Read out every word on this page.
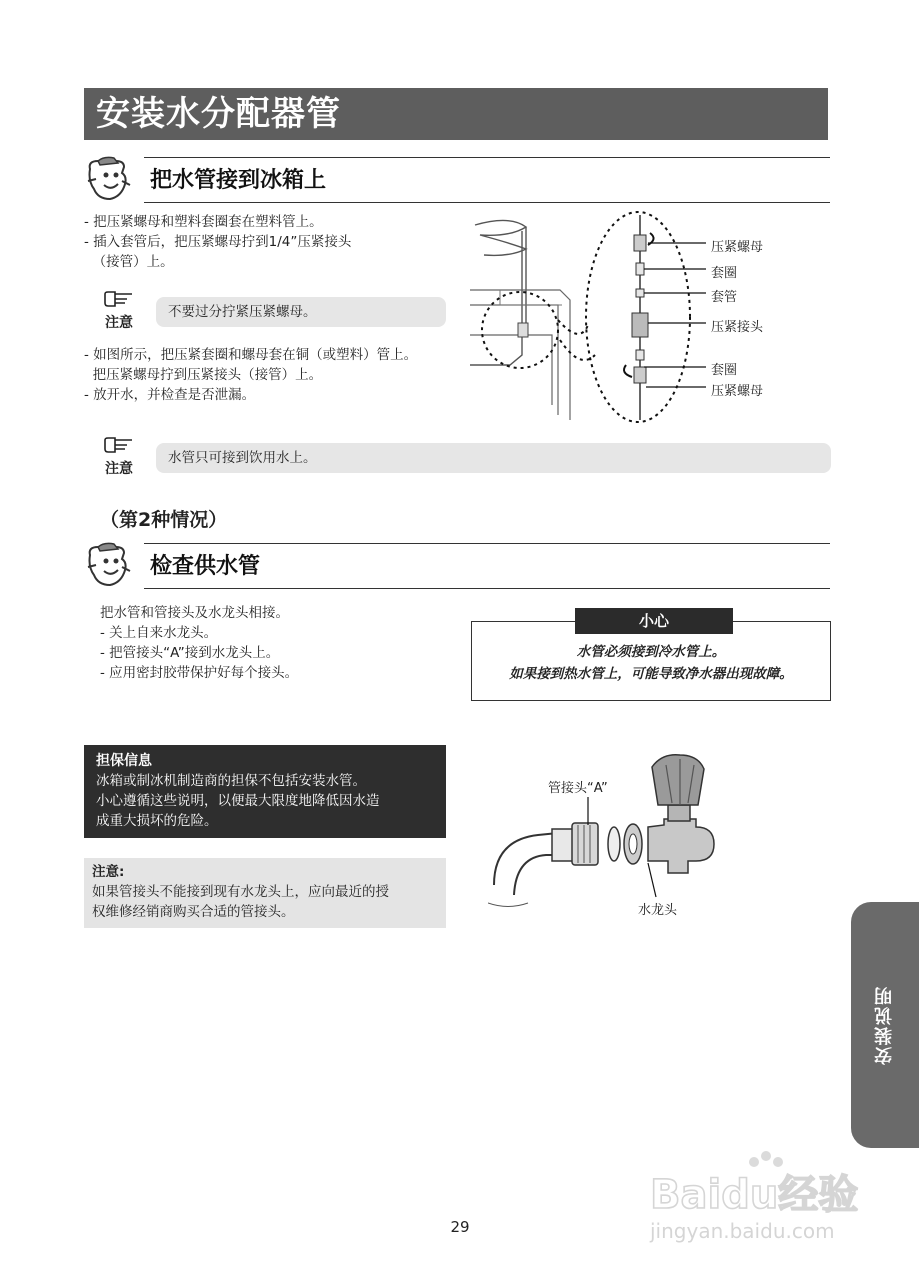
安装水分配器管
把水管接到冰箱上
- 把压紧螺母和塑料套圈套在塑料管上。
- 插入套管后，把压紧螺母拧到1/4”压紧接头
（接管）上。
注意
不要过分拧紧压紧螺母。
- 如图所示，把压紧套圈和螺母套在铜（或塑料）管上。
把压紧螺母拧到压紧接头（接管）上。
- 放开水，并检查是否泄漏。
压紧螺母
套圈
套管
压紧接头
套圈
压紧螺母
注意
水管只可接到饮用水上。
（第2种情况）
检查供水管
把水管和管接头及水龙头相接。
- 关上自来水龙头。
- 把管接头“A”接到水龙头上。
- 应用密封胶带保护好每个接头。
小心
水管必须接到冷水管上。
如果接到热水管上，可能导致净水器出现故障。
担保信息
冰箱或制冰机制造商的担保不包括安装水管。
小心遵循这些说明，以便最大限度地降低因水造
成重大损坏的危险。
注意:
如果管接头不能接到现有水龙头上，应向最近的授
权维修经销商购买合适的管接头。
管接头“A”
水龙头
安装说明
Baidu经验
jingyan.baidu.com
29
